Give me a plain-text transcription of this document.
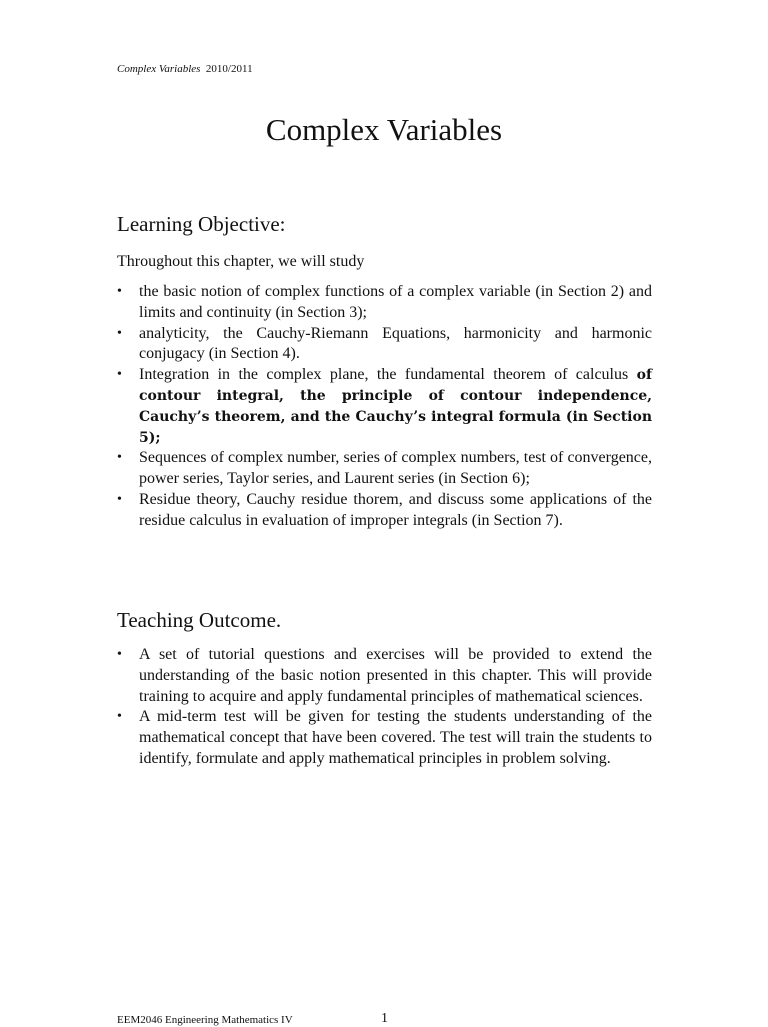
Complex Variables 2010/2011
Complex Variables
Learning Objective:

Throughout this chapter, we will study

• the basic notion of complex functions of a complex variable (in Section 2) and limits and continuity (in Section 3);
• analyticity, the Cauchy-Riemann Equations, harmonicity and harmonic conjugacy (in Section 4).
• Integration in the complex plane, the fundamental theorem of calculus of contour integral, the principle of contour independence, Cauchy’s theorem, and the Cauchy’s integral formula (in Section 5);
• Sequences of complex number, series of complex numbers, test of convergence, power series, Taylor series, and Laurent series (in Section 6);
• Residue theory, Cauchy residue thorem, and discuss some applications of the residue calculus in evaluation of improper integrals (in Section 7).
Teaching Outcome.
• A set of tutorial questions and exercises will be provided to extend the understanding of the basic notion presented in this chapter. This will provide training to acquire and apply fundamental principles of mathematical sciences.
• A mid-term test will be given for testing the students understanding of the mathematical concept that have been covered. The test will train the students to identify, formulate and apply mathematical principles in problem solving.
EEM2046 Engineering Mathematics IV	1
